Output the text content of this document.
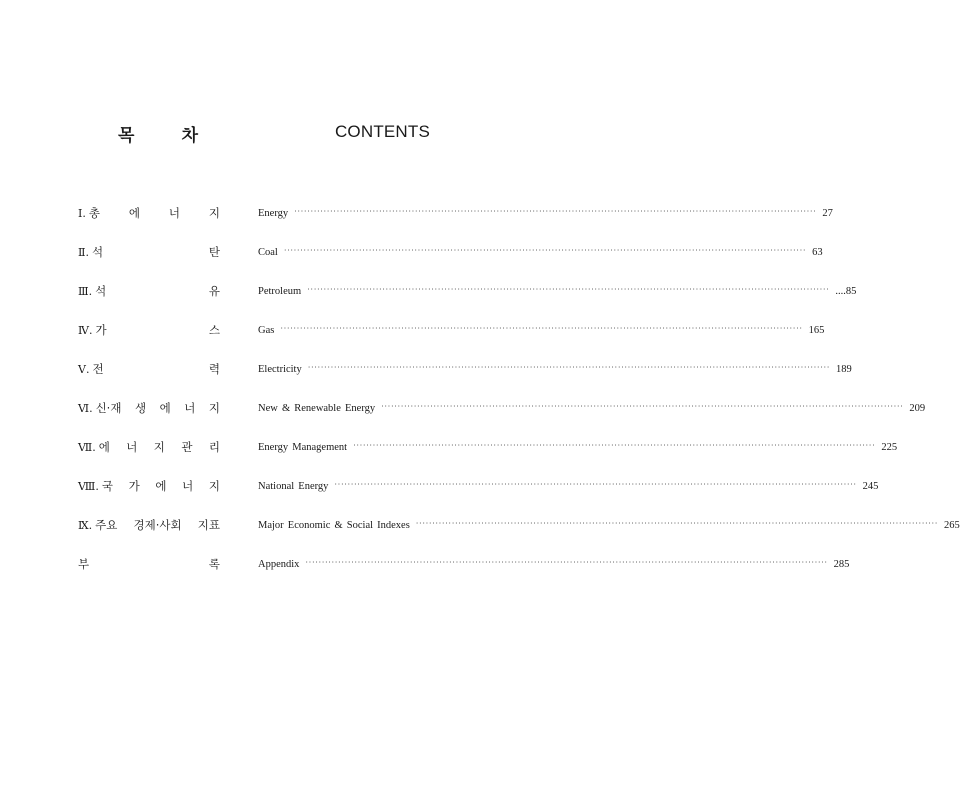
목	차	CONTENTS
Ⅰ. 총	에	너	지	Energy ································································································································································ 27
Ⅱ. 석	탄	Coal ································································································································································ 63
Ⅲ. 석	유	Petroleum ································································································································································ ....85
Ⅳ. 가	스	Gas ································································································································································ 165
Ⅴ. 전	력	Electricity ································································································································································ 189
Ⅵ. 신·재 생 에 너 지	New & Renewable Energy ································································································································································ 209
Ⅶ. 에 너 지 관 리	Energy Management ································································································································································ 225
Ⅷ. 국 가 에 너 지	National Energy ································································································································································ 245
Ⅸ. 주요 경제·사회 지표	Major Economic & Social Indexes ································································································································································ 265
부	록	Appendix ································································································································································ 285
